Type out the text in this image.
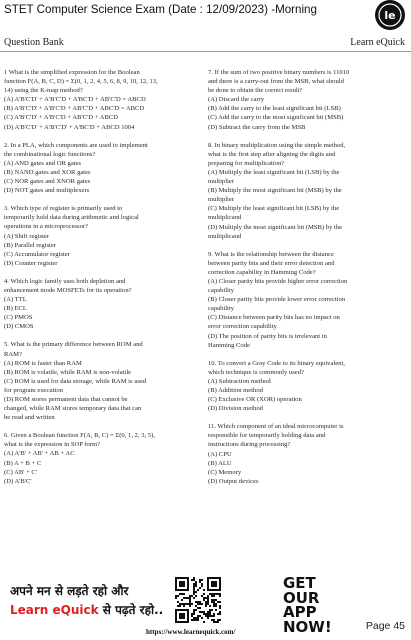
STET Computer Science Exam (Date : 12/09/2023) -Morning	le
Question Bank	Learn eQuick

1 What is the simplified expression for the Boolean

function F(A, B, C, D) = Σ(0, 1, 2, 4, 5, 6, 8, 9, 10, 12, 13,

14) using the K-map method?

(A) A'B'C'D' + A'B'C'D + A'BC'D + AB'C'D = ABCD

(B) A'B'C'D' + A'B'C'D + AB'C'D + ABC'D = ABCD

(C) A'B'C'D' + A'B'C'D + AB'C'D + ABCD

(D) A'B'C'D' + A'B'C'D' + A'BC'D + ABCD 1004

2. In a PLA, which components are used to implement

the combinational logic functions?

(A) AND gates and OR gates

(B) NAND gates and XOR gates

(C) NOR gates and XNOR gates

(D) NOT gates and multiplexers

3. Which type of register is primarily used to

temporarily hold data during arithmetic and logical

operations in a microprocessor?

(A) Shift register

(B) Parallel register

(C) Accumulator register

(D) Counter register

4. Which logic family uses both depletion and

enhancement mode MOSFETs for its operation?

(A) TTL

(B) ECL

(C) PMOS

(D) CMOS

5. What is the primary difference between ROM and

RAM?

(A) ROM is faster than RAM

(B) ROM is volatile, while RAM is non-volatile

(C) ROM is used for data storage, while RAM is used

for program execution

(D) ROM stores permanent data that cannot be

changed, while RAM stores temporary data that can

be read and written

6. Given a Boolean function F(A, B, C) = Σ(0, 1, 2, 3, 5),

what is the expression in SOP form?

(A) A'B' + AB' + AB + AC

(B) A + B + C

(C) AB' + C'

(D) A'B'C'

7. If the sum of two positive binary numbers is 11010

and there is a carry-out from the MSB, what should

be done to obtain the correct result?

(A) Discard the carry

(B) Add the carry to the least significant bit (LSB)

(C) Add the carry to the most significant bit (MSB)

(D) Subtract the carry from the MSB

8. In binary multiplication using the simple method,

what is the first step after aligning the digits and

preparing for multiplication?

(A) Multiply the least significant bit (LSB) by the

multiplier

(B) Multiply the most significant bit (MSB) by the

multiplier

(C) Multiply the least significant bit (LSB) by the

multiplicand

(D) Multiply the most significant bit (MSB) by the

multiplicand

9. What is the relationship between the distance

between parity bits and their error detection and

correction capability in Hamming Code?

(A) Closer parity bits provide higher error correction

capability

(B) Closer parity bits provide lower error correction

capability

(C) Distance between parity bits has no impact on

error correction capability

(D) The position of parity bits is irrelevant in

Hamming Code

10. To convert a Gray Code to its binary equivalent,

which technique is commonly used?

(A) Subtraction method

(B) Addition method

(C) Exclusive OR (XOR) operation

(D) Division method

11. Which component of an ideal microcomputer is

responsible for temporarily holding data and

instructions during processing?

(A) CPU

(B) ALU

(C) Memory

(D) Output devices

अपने मन से लड़ते रहो और
Learn eQuick से पढ़ते रहो..
GET
OUR
APP
NOW!	Page 45
https://www.learnequick.com/
